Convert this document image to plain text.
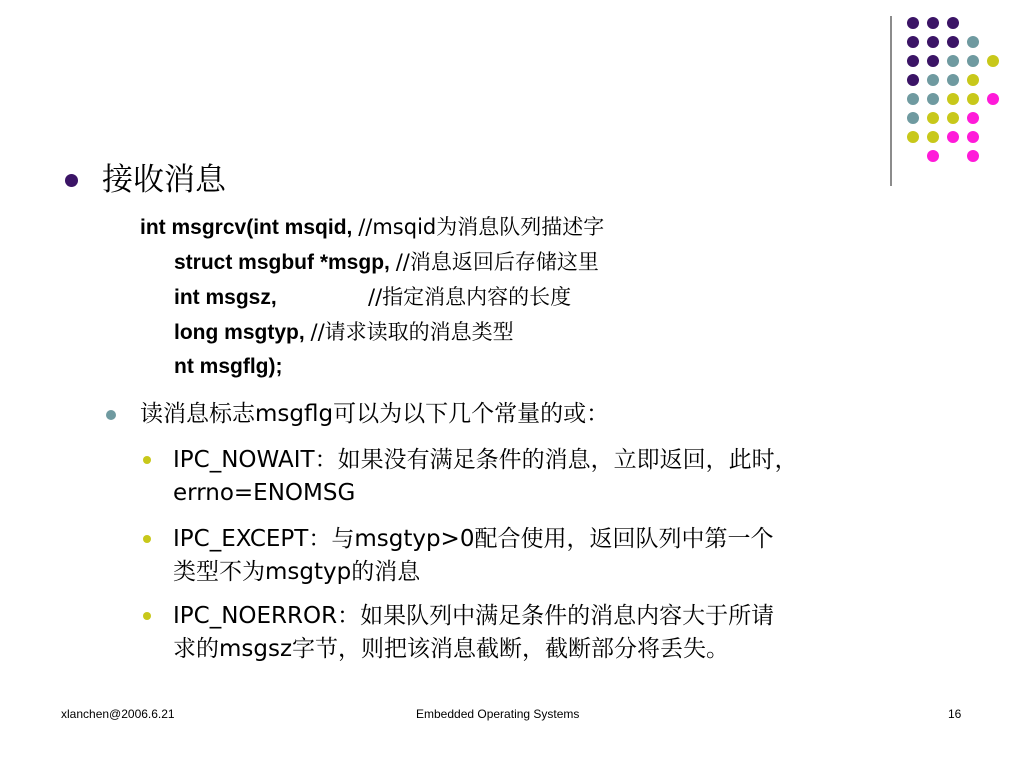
接收消息
int msgrcv(int msqid, //msqid为消息队列描述字
struct msgbuf *msgp, //消息返回后存储这里
int msgsz,	//指定消息内容的长度
long msgtyp, //请求读取的消息类型
nt msgflg);
读消息标志msgflg可以为以下几个常量的或：
IPC_NOWAIT：如果没有满足条件的消息，立即返回，此时，
errno=ENOMSG
IPC_EXCEPT：与msgtyp>0配合使用，返回队列中第一个
类型不为msgtyp的消息
IPC_NOERROR：如果队列中满足条件的消息内容大于所请
求的msgsz字节，则把该消息截断，截断部分将丢失。
xlanchen@2006.6.21	Embedded Operating Systems	16
